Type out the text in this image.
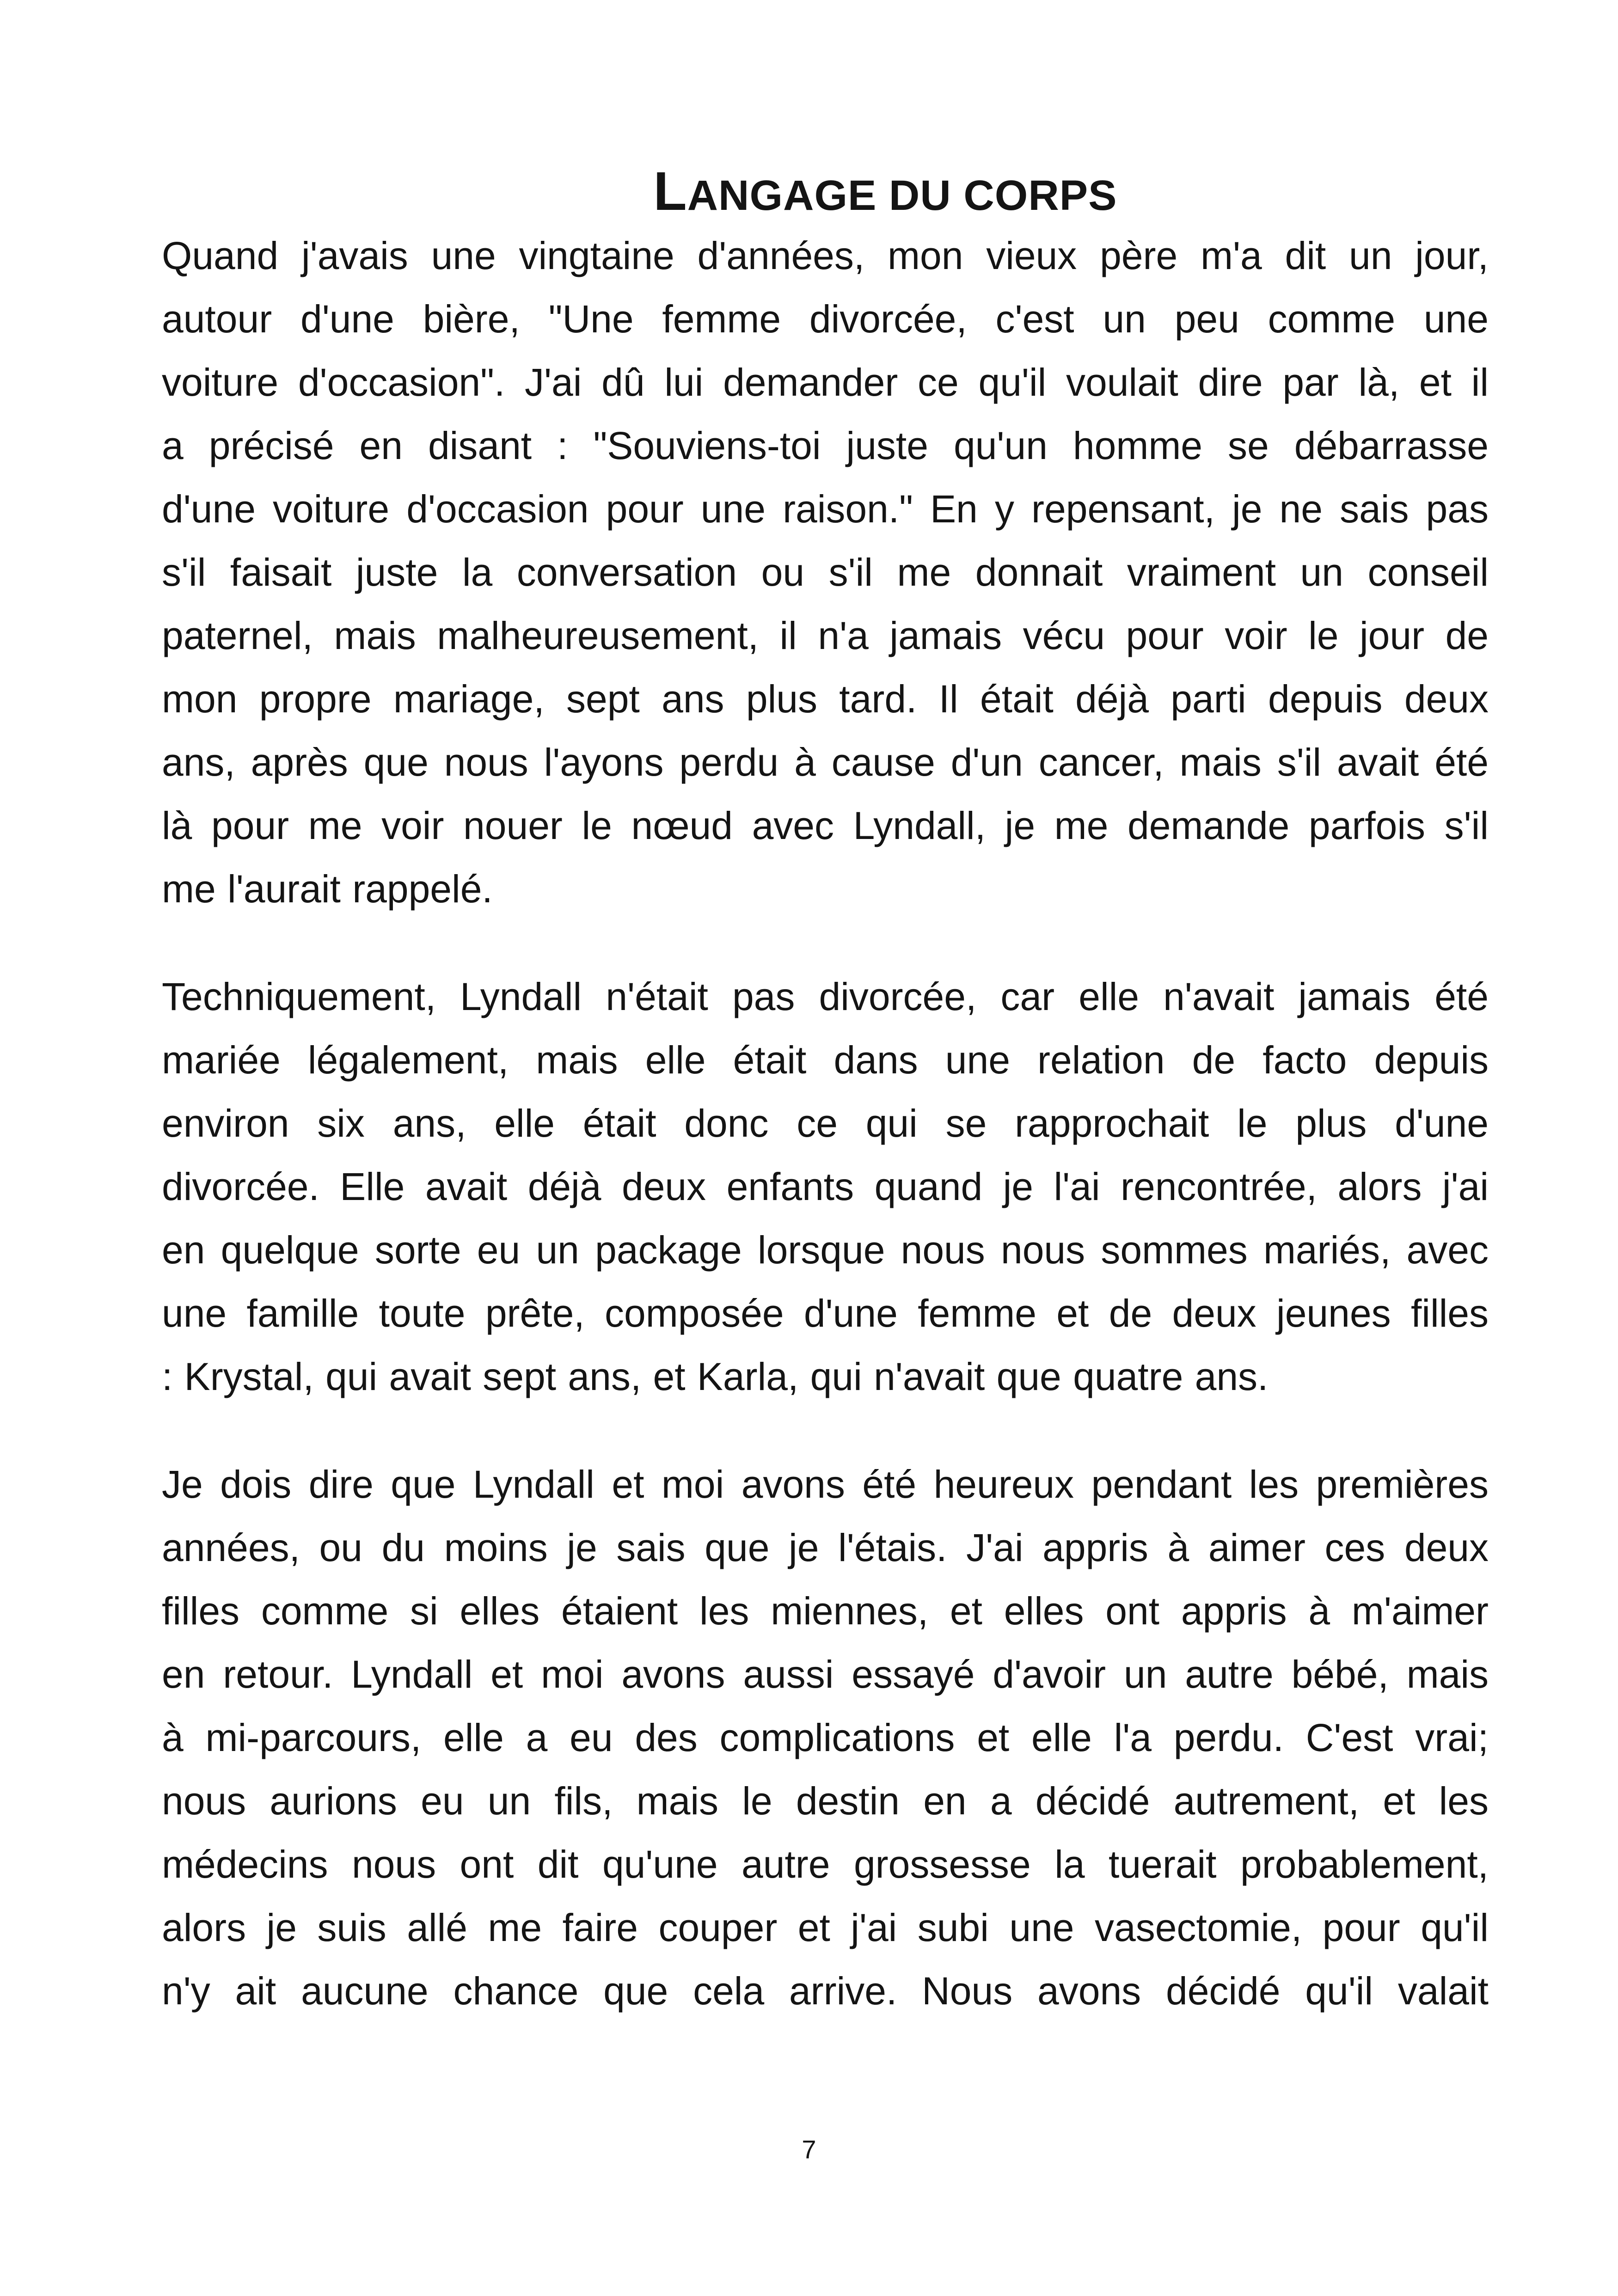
LANGAGE DU CORPS

Quand j'avais une vingtaine d'années, mon vieux père m'a dit un jour,
autour d'une bière, "Une femme divorcée, c'est un peu comme une
voiture d'occasion". J'ai dû lui demander ce qu'il voulait dire par là, et il
a précisé en disant : "Souviens-toi juste qu'un homme se débarrasse
d'une voiture d'occasion pour une raison." En y repensant, je ne sais pas
s'il faisait juste la conversation ou s'il me donnait vraiment un conseil
paternel, mais malheureusement, il n'a jamais vécu pour voir le jour de
mon propre mariage, sept ans plus tard. Il était déjà parti depuis deux
ans, après que nous l'ayons perdu à cause d'un cancer, mais s'il avait été
là pour me voir nouer le nœud avec Lyndall, je me demande parfois s'il
me l'aurait rappelé.

Techniquement, Lyndall n'était pas divorcée, car elle n'avait jamais été
mariée légalement, mais elle était dans une relation de facto depuis
environ six ans, elle était donc ce qui se rapprochait le plus d'une
divorcée. Elle avait déjà deux enfants quand je l'ai rencontrée, alors j'ai
en quelque sorte eu un package lorsque nous nous sommes mariés, avec
une famille toute prête, composée d'une femme et de deux jeunes filles
: Krystal, qui avait sept ans, et Karla, qui n'avait que quatre ans.

Je dois dire que Lyndall et moi avons été heureux pendant les premières
années, ou du moins je sais que je l'étais. J'ai appris à aimer ces deux
filles comme si elles étaient les miennes, et elles ont appris à m'aimer
en retour. Lyndall et moi avons aussi essayé d'avoir un autre bébé, mais
à mi-parcours, elle a eu des complications et elle l'a perdu. C'est vrai;
nous aurions eu un fils, mais le destin en a décidé autrement, et les
médecins nous ont dit qu'une autre grossesse la tuerait probablement,
alors je suis allé me faire couper et j'ai subi une vasectomie, pour qu'il
n'y ait aucune chance que cela arrive. Nous avons décidé qu'il valait

7
